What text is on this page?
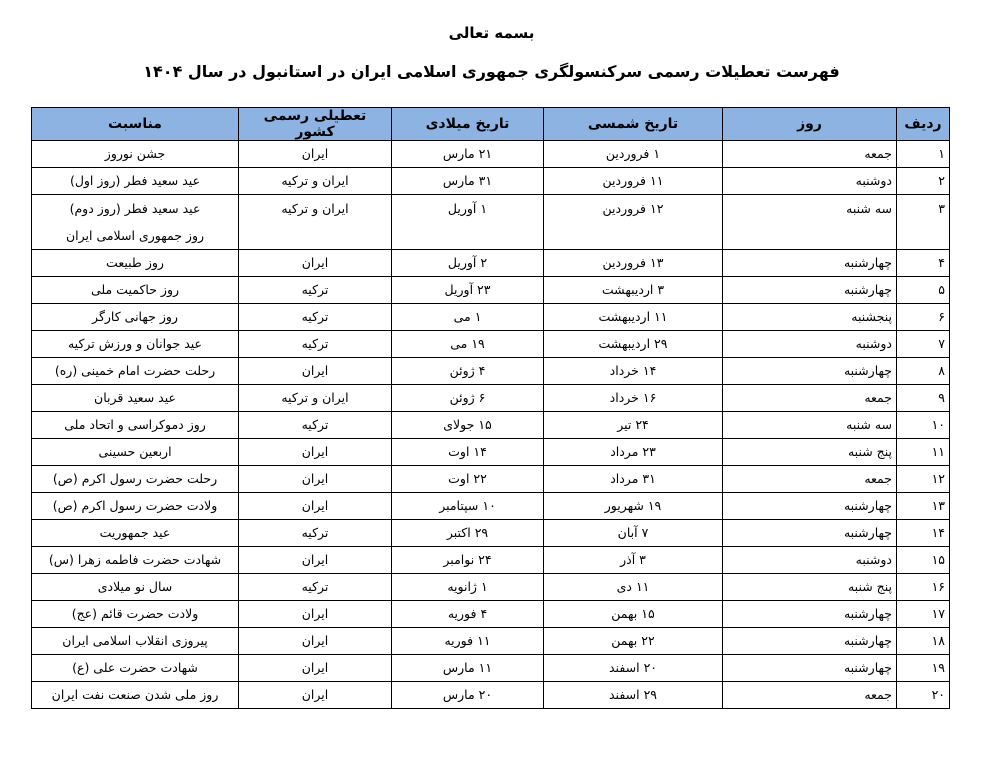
بسمه تعالی
فهرست تعطیلات رسمی سرکنسولگری جمهوری اسلامی ایران در استانبول در سال ۱۴۰۴
ردیف	روز	تاریخ شمسی	تاریخ میلادی	تعطیلی رسمی کشور	مناسبت

۱	جمعه	۱ فروردین	۲۱ مارس	ایران	جشن نوروز

۲	دوشنبه	۱۱ فروردین	۳۱ مارس	ایران و ترکیه	عید سعید فطر (روز اول)

۳	سه شنبه	۱۲ فروردین	۱ آوریل	ایران و ترکیه	عید سعید فطر (روز دوم)
روز جمهوری اسلامی ایران

۴	چهارشنبه	۱۳ فروردین	۲ آوریل	ایران	روز طبیعت

۵	چهارشنبه	۳ اردیبهشت	۲۳ آوریل	ترکیه	روز حاکمیت ملی

۶	پنجشنبه	۱۱ اردیبهشت	۱ می	ترکیه	روز جهانی کارگر

۷	دوشنبه	۲۹ اردیبهشت	۱۹ می	ترکیه	عید جوانان و ورزش ترکیه

۸	چهارشنبه	۱۴ خرداد	۴ ژوئن	ایران	رحلت حضرت امام خمینی (ره)

۹	جمعه	۱۶ خرداد	۶ ژوئن	ایران و ترکیه	عید سعید قربان

۱۰	سه شنبه	۲۴ تیر	۱۵ جولای	ترکیه	روز دموکراسی و اتحاد ملی

۱۱	پنج شنبه	۲۳ مرداد	۱۴ اوت	ایران	اربعین حسینی

۱۲	جمعه	۳۱ مرداد	۲۲ اوت	ایران	رحلت حضرت رسول اکرم (ص)

۱۳	چهارشنبه	۱۹ شهریور	۱۰ سپتامبر	ایران	ولادت حضرت رسول اکرم (ص)

۱۴	چهارشنبه	۷ آبان	۲۹ اکتبر	ترکیه	عید جمهوریت

۱۵	دوشنبه	۳ آذر	۲۴ نوامبر	ایران	شهادت حضرت فاطمه زهرا (س)

۱۶	پنج شنبه	۱۱ دی	۱ ژانویه	ترکیه	سال نو میلادی

۱۷	چهارشنبه	۱۵ بهمن	۴ فوریه	ایران	ولادت حضرت قائم (عج)

۱۸	چهارشنبه	۲۲ بهمن	۱۱ فوریه	ایران	پیروزی انقلاب اسلامی ایران

۱۹	چهارشنبه	۲۰ اسفند	۱۱ مارس	ایران	شهادت حضرت علی (ع)

۲۰	جمعه	۲۹ اسفند	۲۰ مارس	ایران	روز ملی شدن صنعت نفت ایران
